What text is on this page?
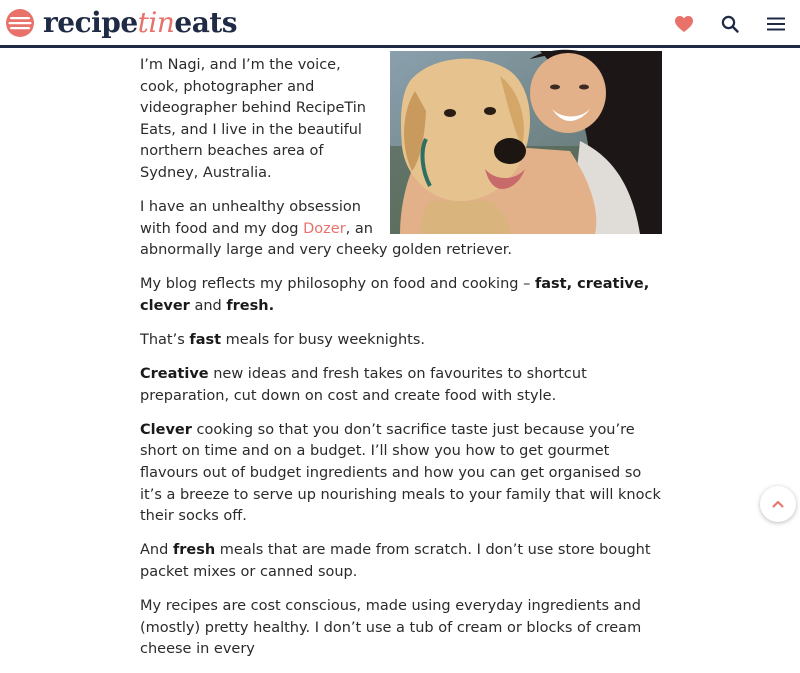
recipetineats

I’m Nagi, and I’m the voice, cook, photographer and videographer behind RecipeTin Eats, and I live in the beautiful northern beaches area of Sydney, Australia.

I have an unhealthy obsession with food and my dog Dozer, an abnormally large and very cheeky golden retriever.

My blog reflects my philosophy on food and cooking – fast, creative, clever and fresh.

That’s fast meals for busy weeknights.

Creative new ideas and fresh takes on favourites to shortcut preparation, cut down on cost and create food with style.

Clever cooking so that you don’t sacrifice taste just because you’re short on time and on a budget. I’ll show you how to get gourmet flavours out of budget ingredients and how you can get organised so it’s a breeze to serve up nourishing meals to your family that will knock their socks off.

And fresh meals that are made from scratch. I don’t use store bought packet mixes or canned soup.

My recipes are cost conscious, made using everyday ingredients and (mostly) pretty healthy. I don’t use a tub of cream or blocks of cream cheese in every
